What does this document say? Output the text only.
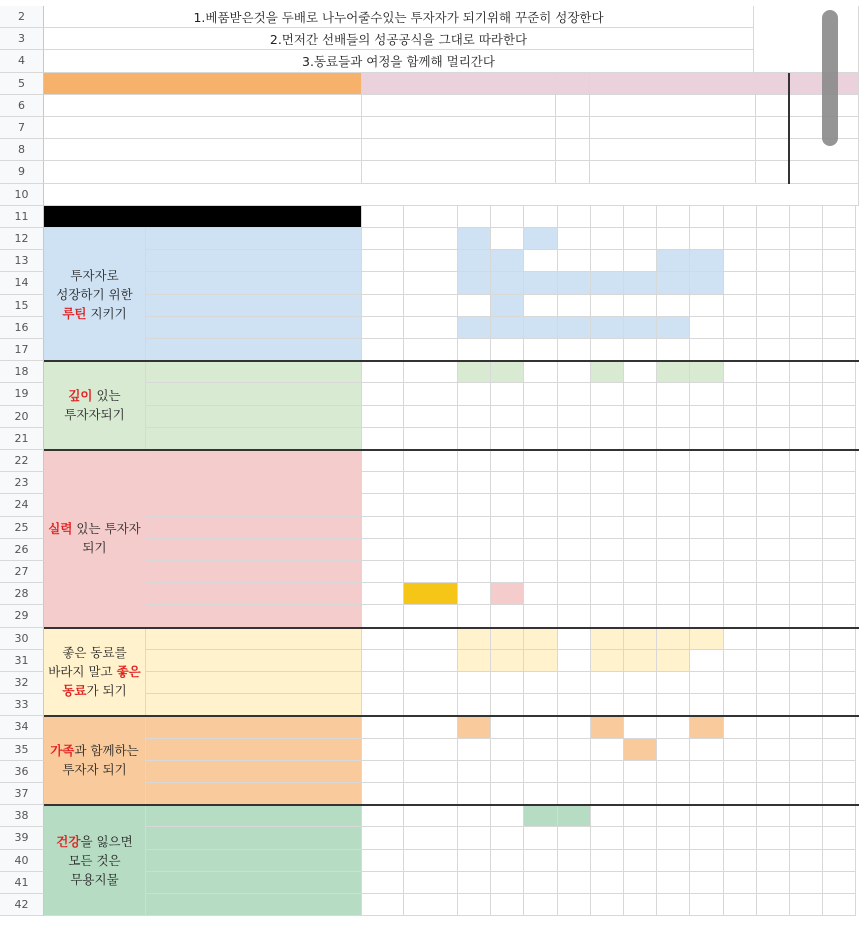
2
3
4
5
6
7
8
9
10
11
12
13
14
15
16
17
18
19
20
21
22
23
24
25
26
27
28
29
30
31
32
33
34
35
36
37
38
39
40
41
42
1.베품받은것을 두배로 나누어줄수있는 투자자가 되기위해 꾸준히 성장한다
2.먼저간 선배들의 성공공식을 그대로 따라한다
3.동료들과 여정을 함께해 멀리간다
투자자로
성장하기 위한
루틴 지키기
깊이 있는
투자자되기
실력 있는 투자자
되기
좋은 동료를
바라지 말고 좋은
동료가 되기
가족과 함께하는
투자자 되기
건강을 잃으면
모든 것은
무용지물
